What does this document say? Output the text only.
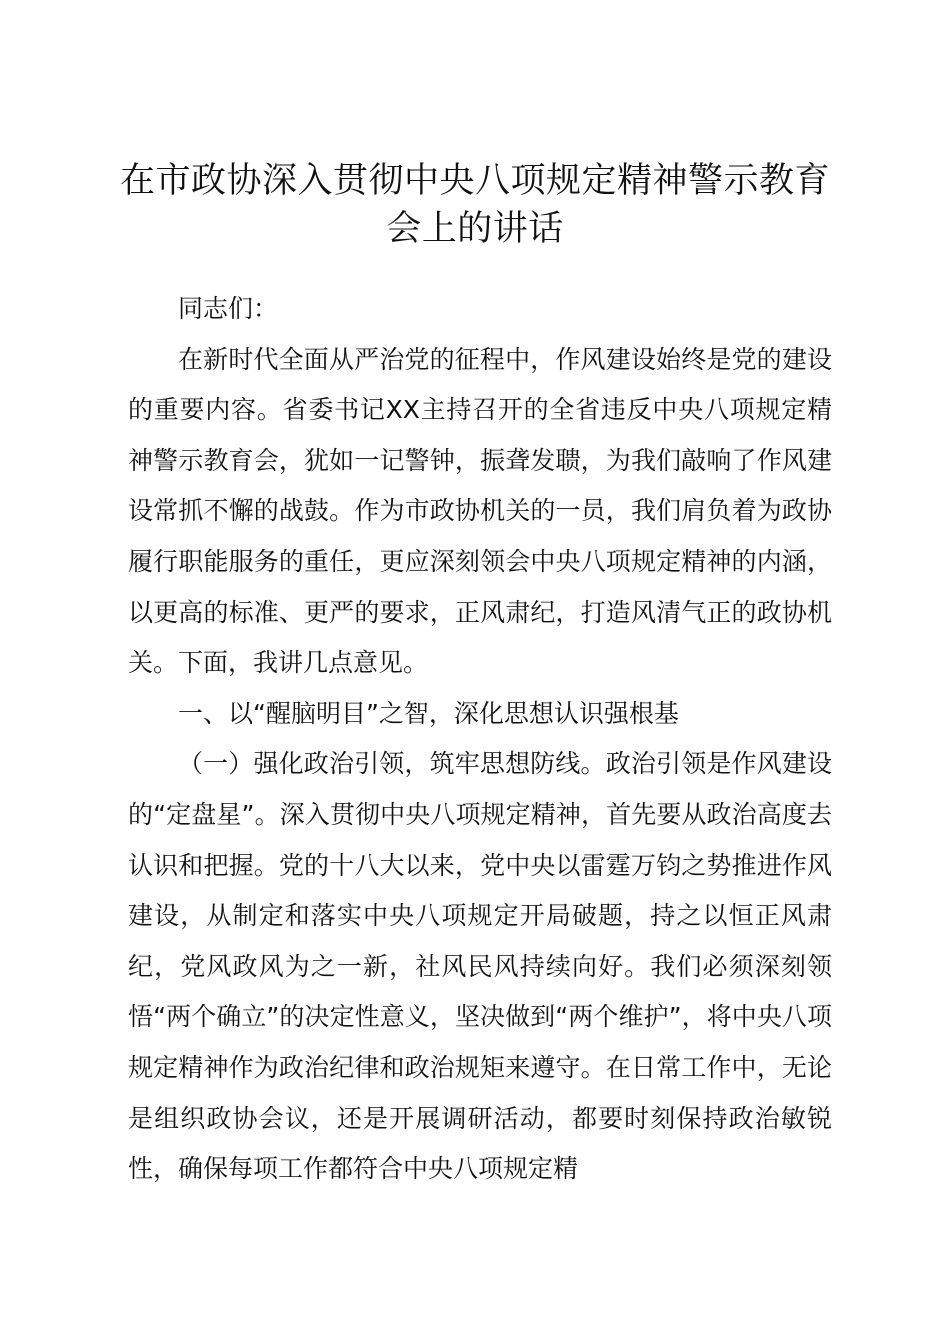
在市政协深入贯彻中央八项规定精神警示教育会上的讲话

同志们：

在新时代全面从严治党的征程中，作风建设始终是党的建设的重要内容。省委书记XX主持召开的全省违反中央八项规定精神警示教育会，犹如一记警钟，振聋发聩，为我们敲响了作风建设常抓不懈的战鼓。作为市政协机关的一员，我们肩负着为政协履行职能服务的重任，更应深刻领会中央八项规定精神的内涵，以更高的标准、更严的要求，正风肃纪，打造风清气正的政协机关。下面，我讲几点意见。

一、以“醒脑明目”之智，深化思想认识强根基

（一）强化政治引领，筑牢思想防线。政治引领是作风建设的“定盘星”。深入贯彻中央八项规定精神，首先要从政治高度去认识和把握。党的十八大以来，党中央以雷霆万钧之势推进作风建设，从制定和落实中央八项规定开局破题，持之以恒正风肃纪，党风政风为之一新，社风民风持续向好。我们必须深刻领悟“两个确立”的决定性意义，坚决做到“两个维护”，将中央八项规定精神作为政治纪律和政治规矩来遵守。在日常工作中，无论是组织政协会议，还是开展调研活动，都要时刻保持政治敏锐性，确保每项工作都符合中央八项规定精
